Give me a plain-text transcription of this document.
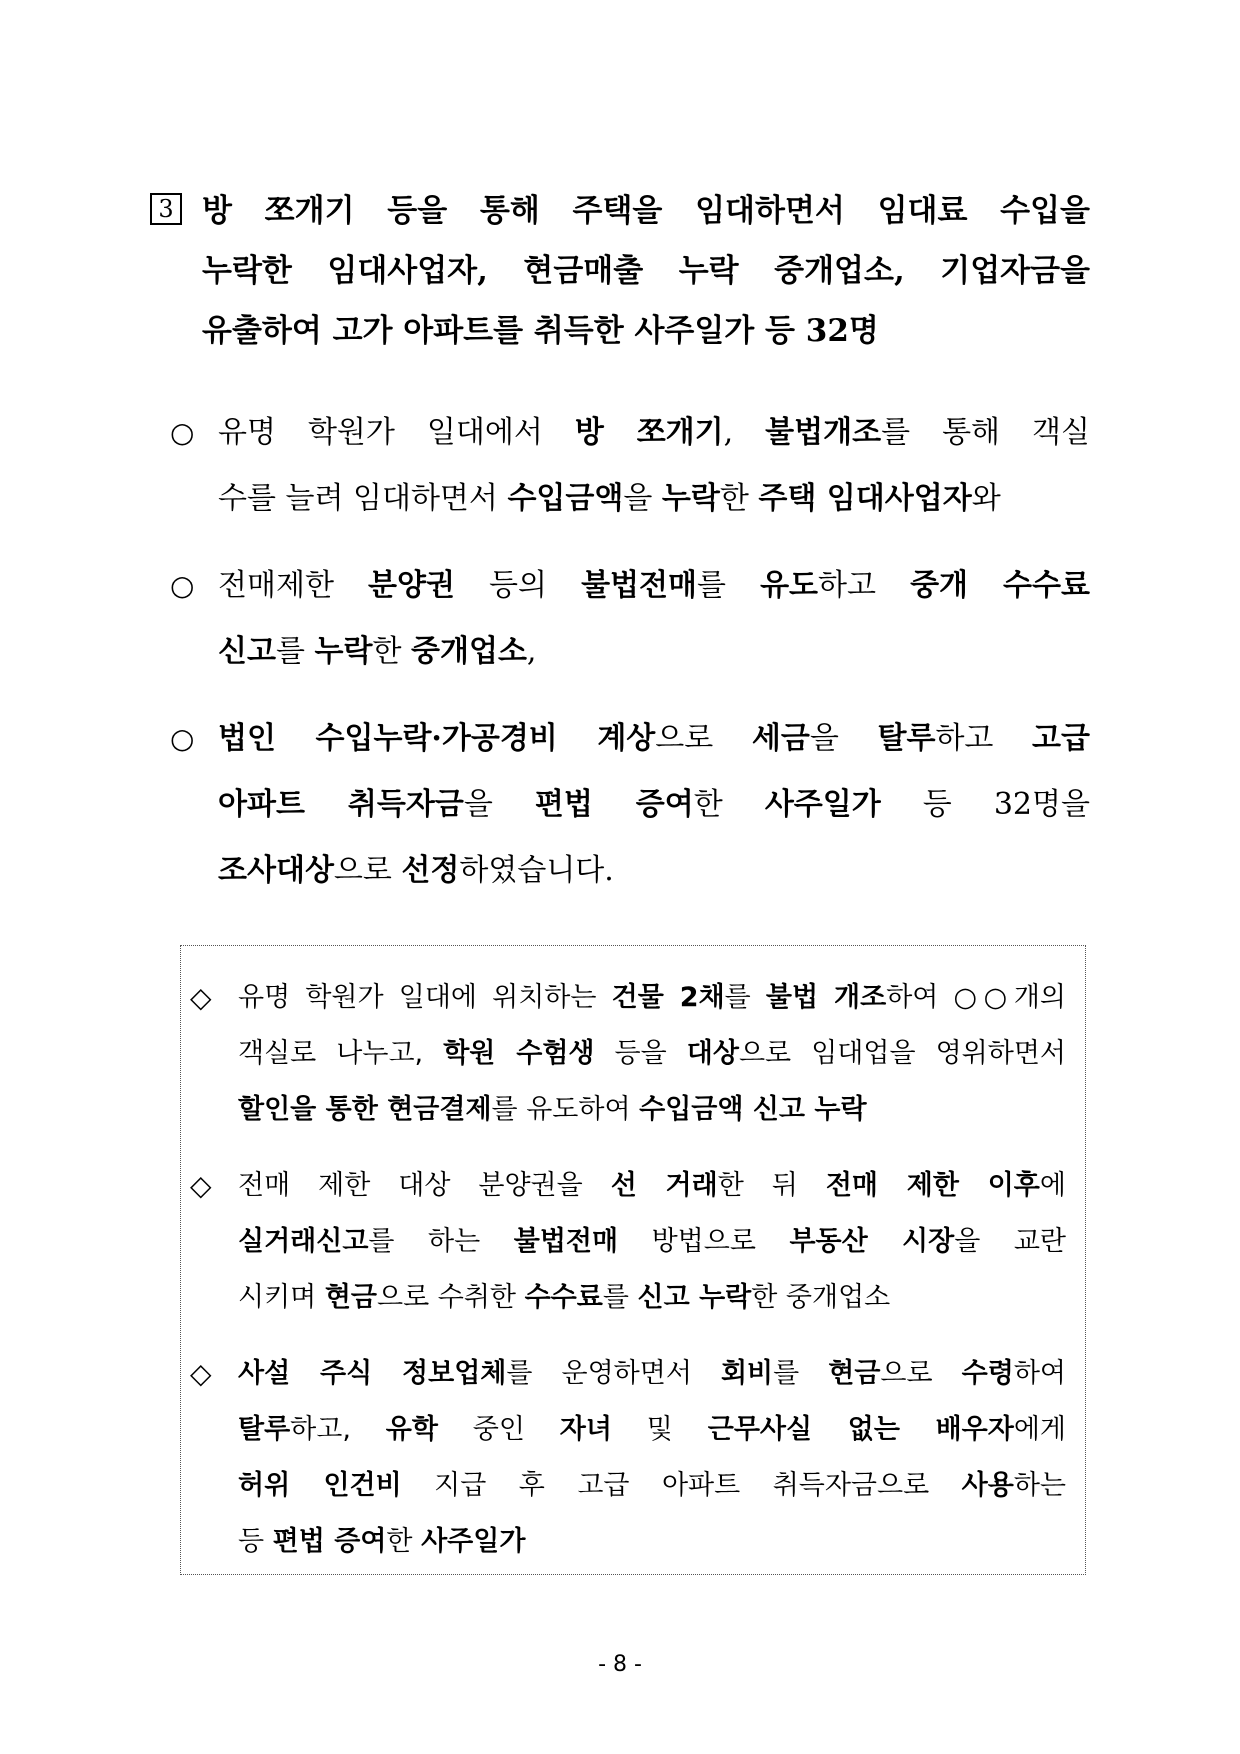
3 방 쪼개기 등을 통해 주택을 임대하면서 임대료 수입을
누락한 임대사업자, 현금매출 누락 중개업소, 기업자금을
유출하여 고가 아파트를 취득한 사주일가 등 32명
○ 유명 학원가 일대에서 방 쪼개기, 불법개조를 통해 객실
수를 늘려 임대하면서 수입금액을 누락한 주택 임대사업자와
○ 전매제한 분양권 등의 불법전매를 유도하고 중개 수수료
신고를 누락한 중개업소,
○ 법인 수입누락·가공경비 계상으로 세금을 탈루하고 고급
아파트 취득자금을 편법 증여한 사주일가 등 32명을
조사대상으로 선정하였습니다.
◇ 유명 학원가 일대에 위치하는 건물 2채를 불법 개조하여 ○○개의
객실로 나누고, 학원 수험생 등을 대상으로 임대업을 영위하면서
할인을 통한 현금결제를 유도하여 수입금액 신고 누락
◇ 전매 제한 대상 분양권을 선 거래한 뒤 전매 제한 이후에
실거래신고를 하는 불법전매 방법으로 부동산 시장을 교란
시키며 현금으로 수취한 수수료를 신고 누락한 중개업소
◇ 사설 주식 정보업체를 운영하면서 회비를 현금으로 수령하여
탈루하고, 유학 중인 자녀 및 근무사실 없는 배우자에게
허위 인건비 지급 후 고급 아파트 취득자금으로 사용하는
등 편법 증여한 사주일가
- 8 -
